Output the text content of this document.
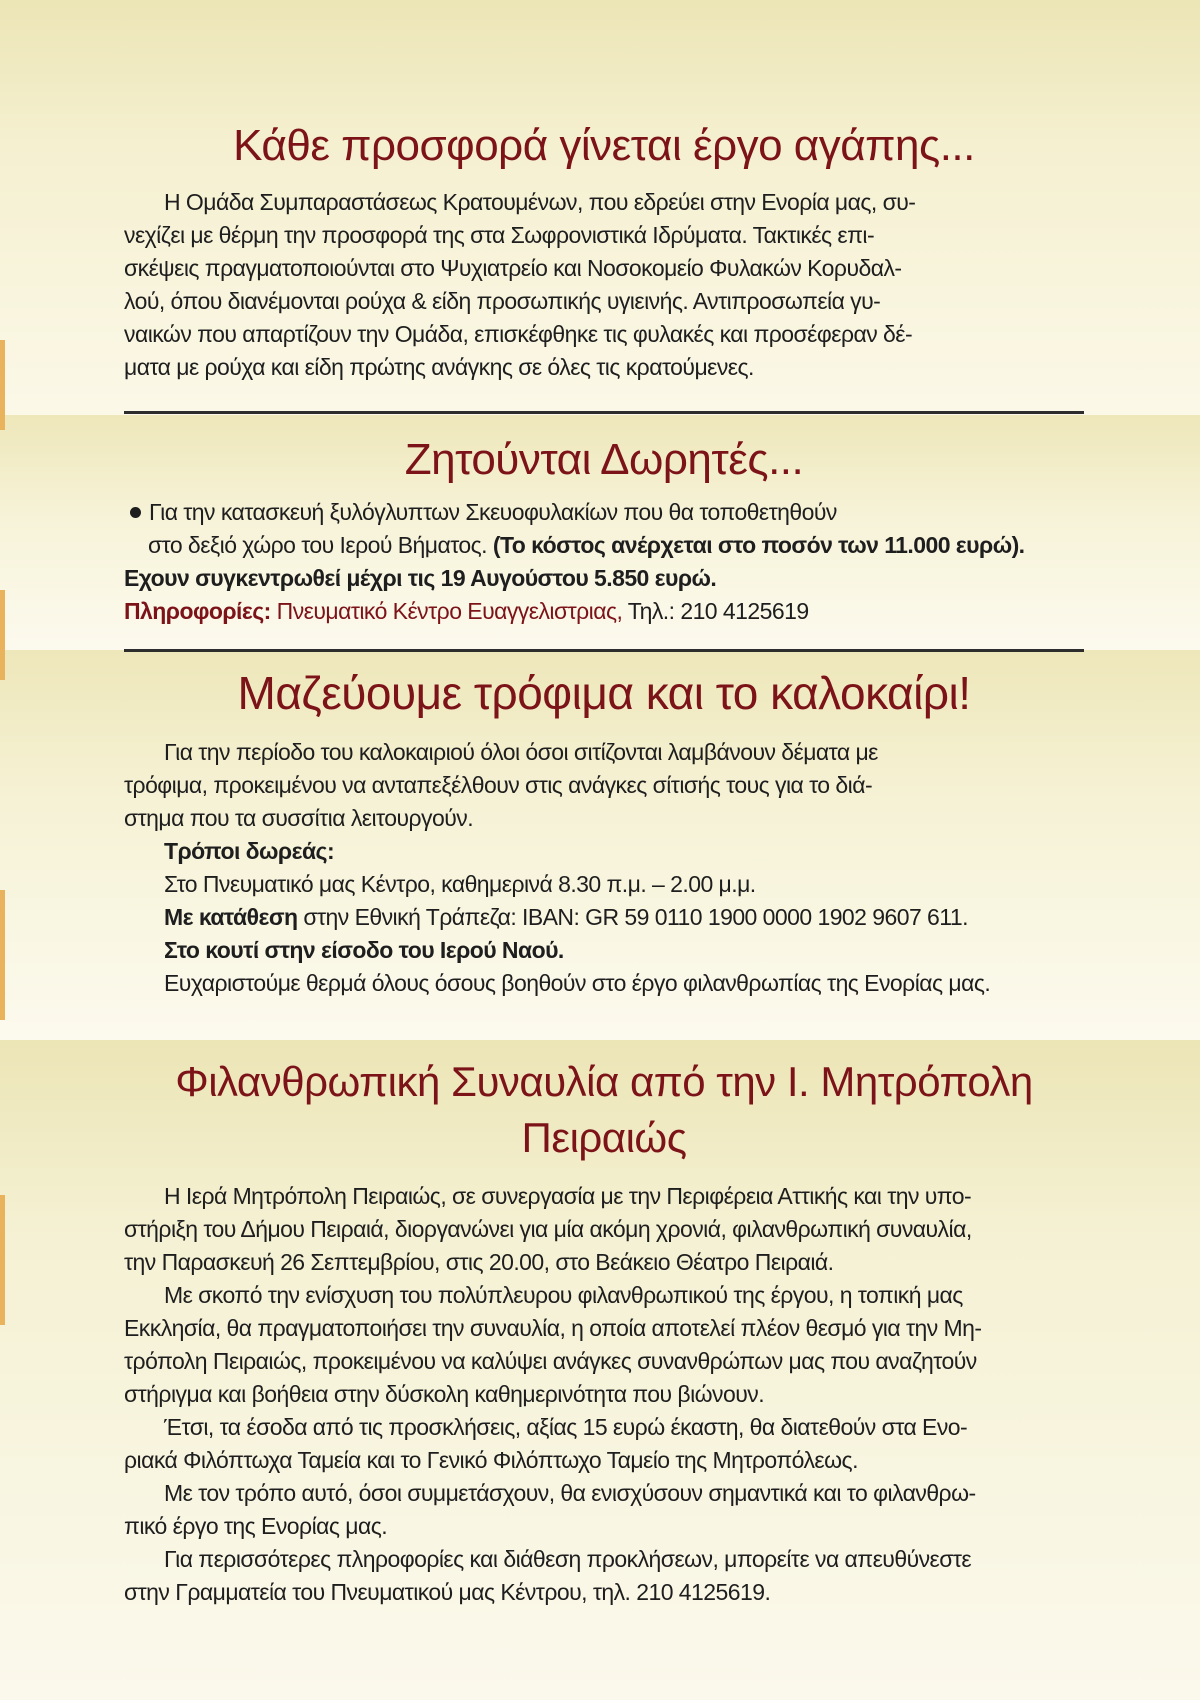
Κάθε προσφορά γίνεται έργο αγάπης...
Η Ομάδα Συμπαραστάσεως Κρατουμένων, που εδρεύει στην Ενορία μας, συ-
νεχίζει με θέρμη την προσφορά της στα Σωφρονιστικά Ιδρύματα. Τακτικές επι-
σκέψεις πραγματοποιούνται στο Ψυχιατρείο και Νοσοκομείο Φυλακών Κορυδαλ-
λού, όπου διανέμονται ρούχα & είδη προσωπικής υγιεινής. Αντιπροσωπεία γυ-
ναικών που απαρτίζουν την Ομάδα, επισκέφθηκε τις φυλακές και προσέφεραν δέ-
ματα με ρούχα και είδη πρώτης ανάγκης σε όλες τις κρατούμενες.
Ζητούνται Δωρητές...
Για την κατασκευή ξυλόγλυπτων Σκευοφυλακίων που θα τοποθετηθούν
στο δεξιό χώρο του Ιερού Βήματος. (Το κόστος ανέρχεται στο ποσόν των 11.000 ευρώ).
Εχουν συγκεντρωθεί μέχρι τις 19 Αυγούστου 5.850 ευρώ.
Πληροφορίες: Πνευματικό Κέντρο Ευαγγελιστριας, Τηλ.: 210 4125619
Μαζεύουμε τρόφιμα και το καλοκαίρι!
Για την περίοδο του καλοκαιριού όλοι όσοι σιτίζονται λαμβάνουν δέματα με
τρόφιμα, προκειμένου να ανταπεξέλθουν στις ανάγκες σίτισής τους για το διά-
στημα που τα συσσίτια λειτουργούν.
Τρόποι δωρεάς:
Στο Πνευματικό μας Κέντρο, καθημερινά 8.30 π.μ. – 2.00 μ.μ.
Με κατάθεση στην Εθνική Τράπεζα: IBAN: GR 59 0110 1900 0000 1902 9607 611.
Στο κουτί στην είσοδο του Ιερού Ναού.
Ευχαριστούμε θερμά όλους όσους βοηθούν στο έργο φιλανθρωπίας της Ενορίας μας.
Φιλανθρωπική Συναυλία από την Ι. Μητρόπολη Πειραιώς
Η Ιερά Μητρόπολη Πειραιώς, σε συνεργασία με την Περιφέρεια Αττικής και την υπο-
στήριξη του Δήμου Πειραιά, διοργανώνει για μία ακόμη χρονιά, φιλανθρωπική συναυλία,
την Παρασκευή 26 Σεπτεμβρίου, στις 20.00, στο Βεάκειο Θέατρο Πειραιά.
Με σκοπό την ενίσχυση του πολύπλευρου φιλανθρωπικού της έργου, η τοπική μας
Εκκλησία, θα πραγματοποιήσει την συναυλία, η οποία αποτελεί πλέον θεσμό για την Μη-
τρόπολη Πειραιώς, προκειμένου να καλύψει ανάγκες συνανθρώπων μας που αναζητούν
στήριγμα και βοήθεια στην δύσκολη καθημερινότητα που βιώνουν.
Έτσι, τα έσοδα από τις προσκλήσεις, αξίας 15 ευρώ έκαστη, θα διατεθούν στα Ενο-
ριακά Φιλόπτωχα Ταμεία και το Γενικό Φιλόπτωχο Ταμείο της Μητροπόλεως.
Με τον τρόπο αυτό, όσοι συμμετάσχουν, θα ενισχύσουν σημαντικά και το φιλανθρω-
πικό έργο της Ενορίας μας.
Για περισσότερες πληροφορίες και διάθεση προκλήσεων, μπορείτε να απευθύνεστε
στην Γραμματεία του Πνευματικού μας Κέντρου, τηλ. 210 4125619.
